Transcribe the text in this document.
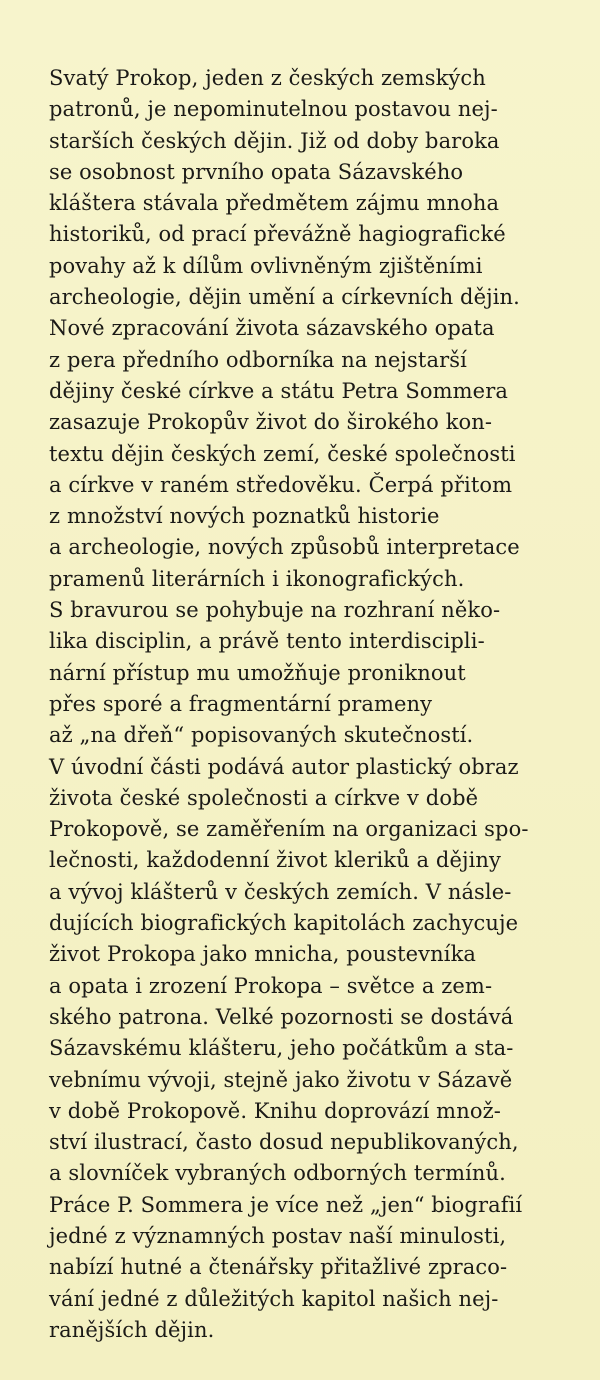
Svatý Prokop, jeden z českých zemských
patronů, je nepominutelnou postavou nej-
starších českých dějin. Již od doby baroka
se osobnost prvního opata Sázavského
kláštera stávala předmětem zájmu mnoha
historiků, od prací převážně hagiografické
povahy až k dílům ovlivněným zjištěními
archeologie, dějin umění a církevních dějin.
Nové zpracování života sázavského opata
z pera předního odborníka na nejstarší
dějiny české církve a státu Petra Sommera
zasazuje Prokopův život do širokého kon-
textu dějin českých zemí, české společnosti
a církve v raném středověku. Čerpá přitom
z množství nových poznatků historie
a archeologie, nových způsobů interpretace
pramenů literárních i ikonografických.
S bravurou se pohybuje na rozhraní něko-
lika disciplin, a právě tento interdiscipli-
nární přístup mu umožňuje proniknout
přes sporé a fragmentární prameny
až „na dřeň“ popisovaných skutečností.
V úvodní části podává autor plastický obraz
života české společnosti a církve v době
Prokopově, se zaměřením na organizaci spo-
lečnosti, každodenní život kleriků a dějiny
a vývoj klášterů v českých zemích. V násle-
dujících biografických kapitolách zachycuje
život Prokopa jako mnicha, poustevníka
a opata i zrození Prokopa – světce a zem-
ského patrona. Velké pozornosti se dostává
Sázavskému klášteru, jeho počátkům a sta-
vebnímu vývoji, stejně jako životu v Sázavě
v době Prokopově. Knihu doprovází množ-
ství ilustrací, často dosud nepublikovaných,
a slovníček vybraných odborných termínů.
Práce P. Sommera je více než „jen“ biografií
jedné z významných postav naší minulosti,
nabízí hutné a čtenářsky přitažlivé zpraco-
vání jedné z důležitých kapitol našich nej-
ranějších dějin.
